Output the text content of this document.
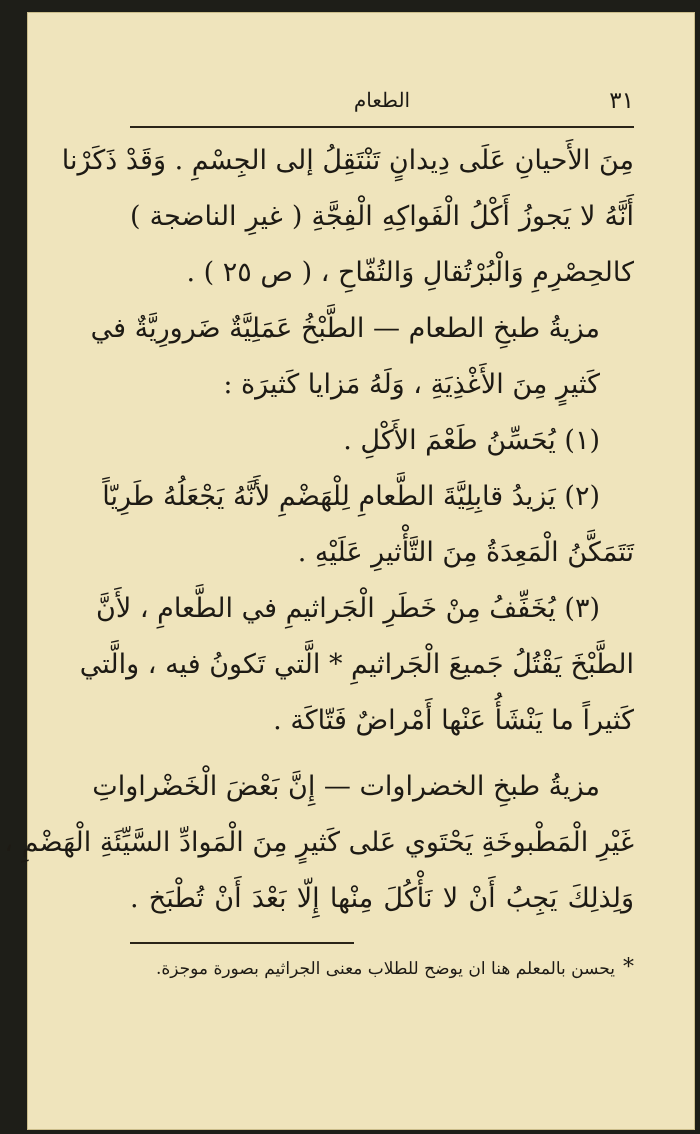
٣١
الطعام
مِنَ الأَحيانِ عَلَى دِيدانٍ تَنْتَقِلُ إلى الجِسْمِ . وَقَدْ ذَكَرْنا
أَنَّهُ لا يَجوزُ أَكْلُ الْفَواكِهِ الْفِجَّةِ ( غيرِ الناضجة )
كالحِصْرِمِ وَالْبُرْتُقالِ وَالتُفّاحِ ، ( ص ٢٥ ) .
مزيةُ طبخِ الطعام — الطَّبْخُ عَمَلِيَّةٌ ضَرورِيَّةٌ في
كَثيرٍ مِنَ الأَغْذِيَةِ ، وَلَهُ مَزايا كَثيرَة :
(١) يُحَسِّنُ طَعْمَ الأَكْلِ .
(٢) يَزيدُ قابِلِيَّةَ الطَّعامِ لِلْهَضْمِ لأَنَّهُ يَجْعَلُهُ طَرِيّاً
تَتَمَكَّنُ الْمَعِدَةُ مِنَ التَّأْثيرِ عَلَيْهِ .
(٣) يُخَفِّفُ مِنْ خَطَرِ الْجَراثيمِ في الطَّعامِ ، لأَنَّ
الطَّبْخَ يَقْتُلُ جَميعَ الْجَراثيمِ * الَّتي تَكونُ فيه ، والَّتي
كَثيراً ما يَنْشَأُ عَنْها أَمْراضٌ فَتّاكَة .
مزيةُ طبخِ الخضراوات — إِنَّ بَعْضَ الْخَضْراواتِ
غَيْرِ الْمَطْبوخَةِ يَحْتَوي عَلى كَثيرٍ مِنَ الْمَوادِّ السَّيِّئَةِ الْهَضْمِ ،
وَلِذلِكَ يَجِبُ أَنْ لا نَأْكُلَ مِنْها إِلّا بَعْدَ أَنْ تُطْبَخ .
*يحسن بالمعلم هنا ان يوضح للطلاب معنى الجراثيم بصورة موجزة.
